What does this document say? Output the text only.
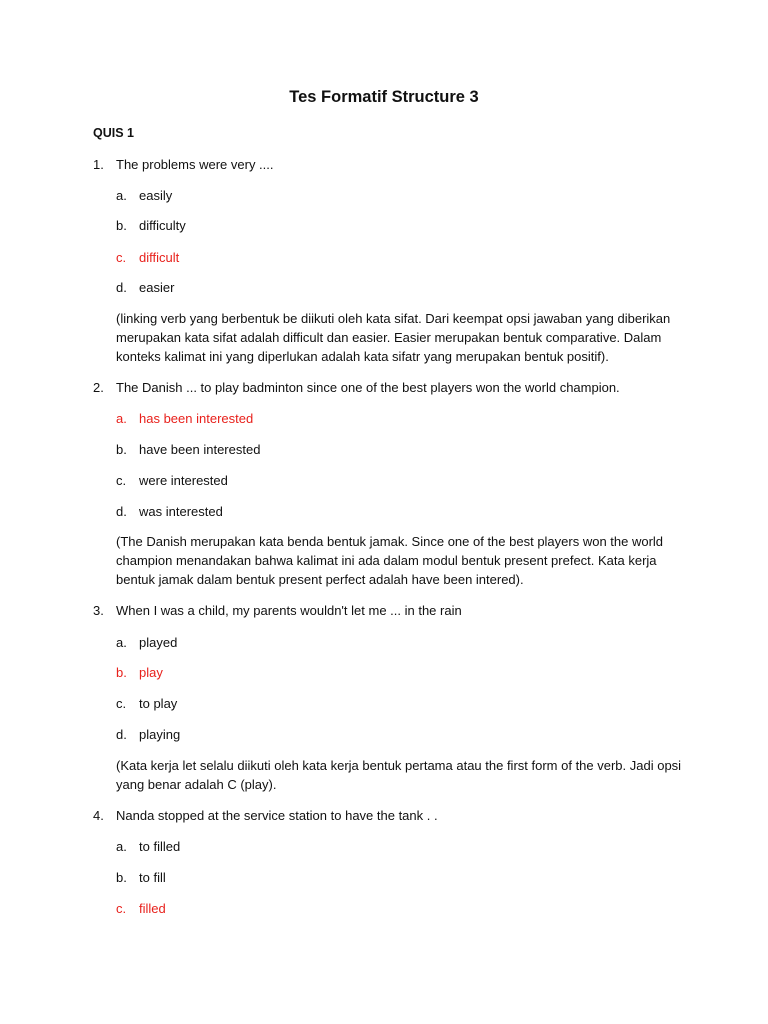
Tes Formatif Structure 3
QUIS 1
1. The problems were very ....
a. easily
b. difficulty
c. difficult
d. easier
(linking verb yang berbentuk be diikuti oleh kata sifat. Dari keempat opsi jawaban yang diberikan merupakan kata sifat adalah difficult dan easier. Easier merupakan bentuk comparative. Dalam konteks kalimat ini yang diperlukan adalah kata sifatr yang merupakan bentuk positif).
2. The Danish ... to play badminton since one of the best players won the world champion.
a. has been interested
b. have been interested
c. were interested
d. was interested
(The Danish merupakan kata benda bentuk jamak. Since one of the best players won the world champion menandakan bahwa kalimat ini ada dalam modul bentuk present prefect. Kata kerja bentuk jamak dalam bentuk present perfect adalah have been intered).
3. When I was a child, my parents wouldn't let me ... in the rain
a. played
b. play
c. to play
d. playing
(Kata kerja let selalu diikuti oleh kata kerja bentuk pertama atau the first form of the verb. Jadi opsi yang benar adalah C (play).
4. Nanda stopped at the service station to have the tank . .
a. to filled
b. to fill
c. filled
